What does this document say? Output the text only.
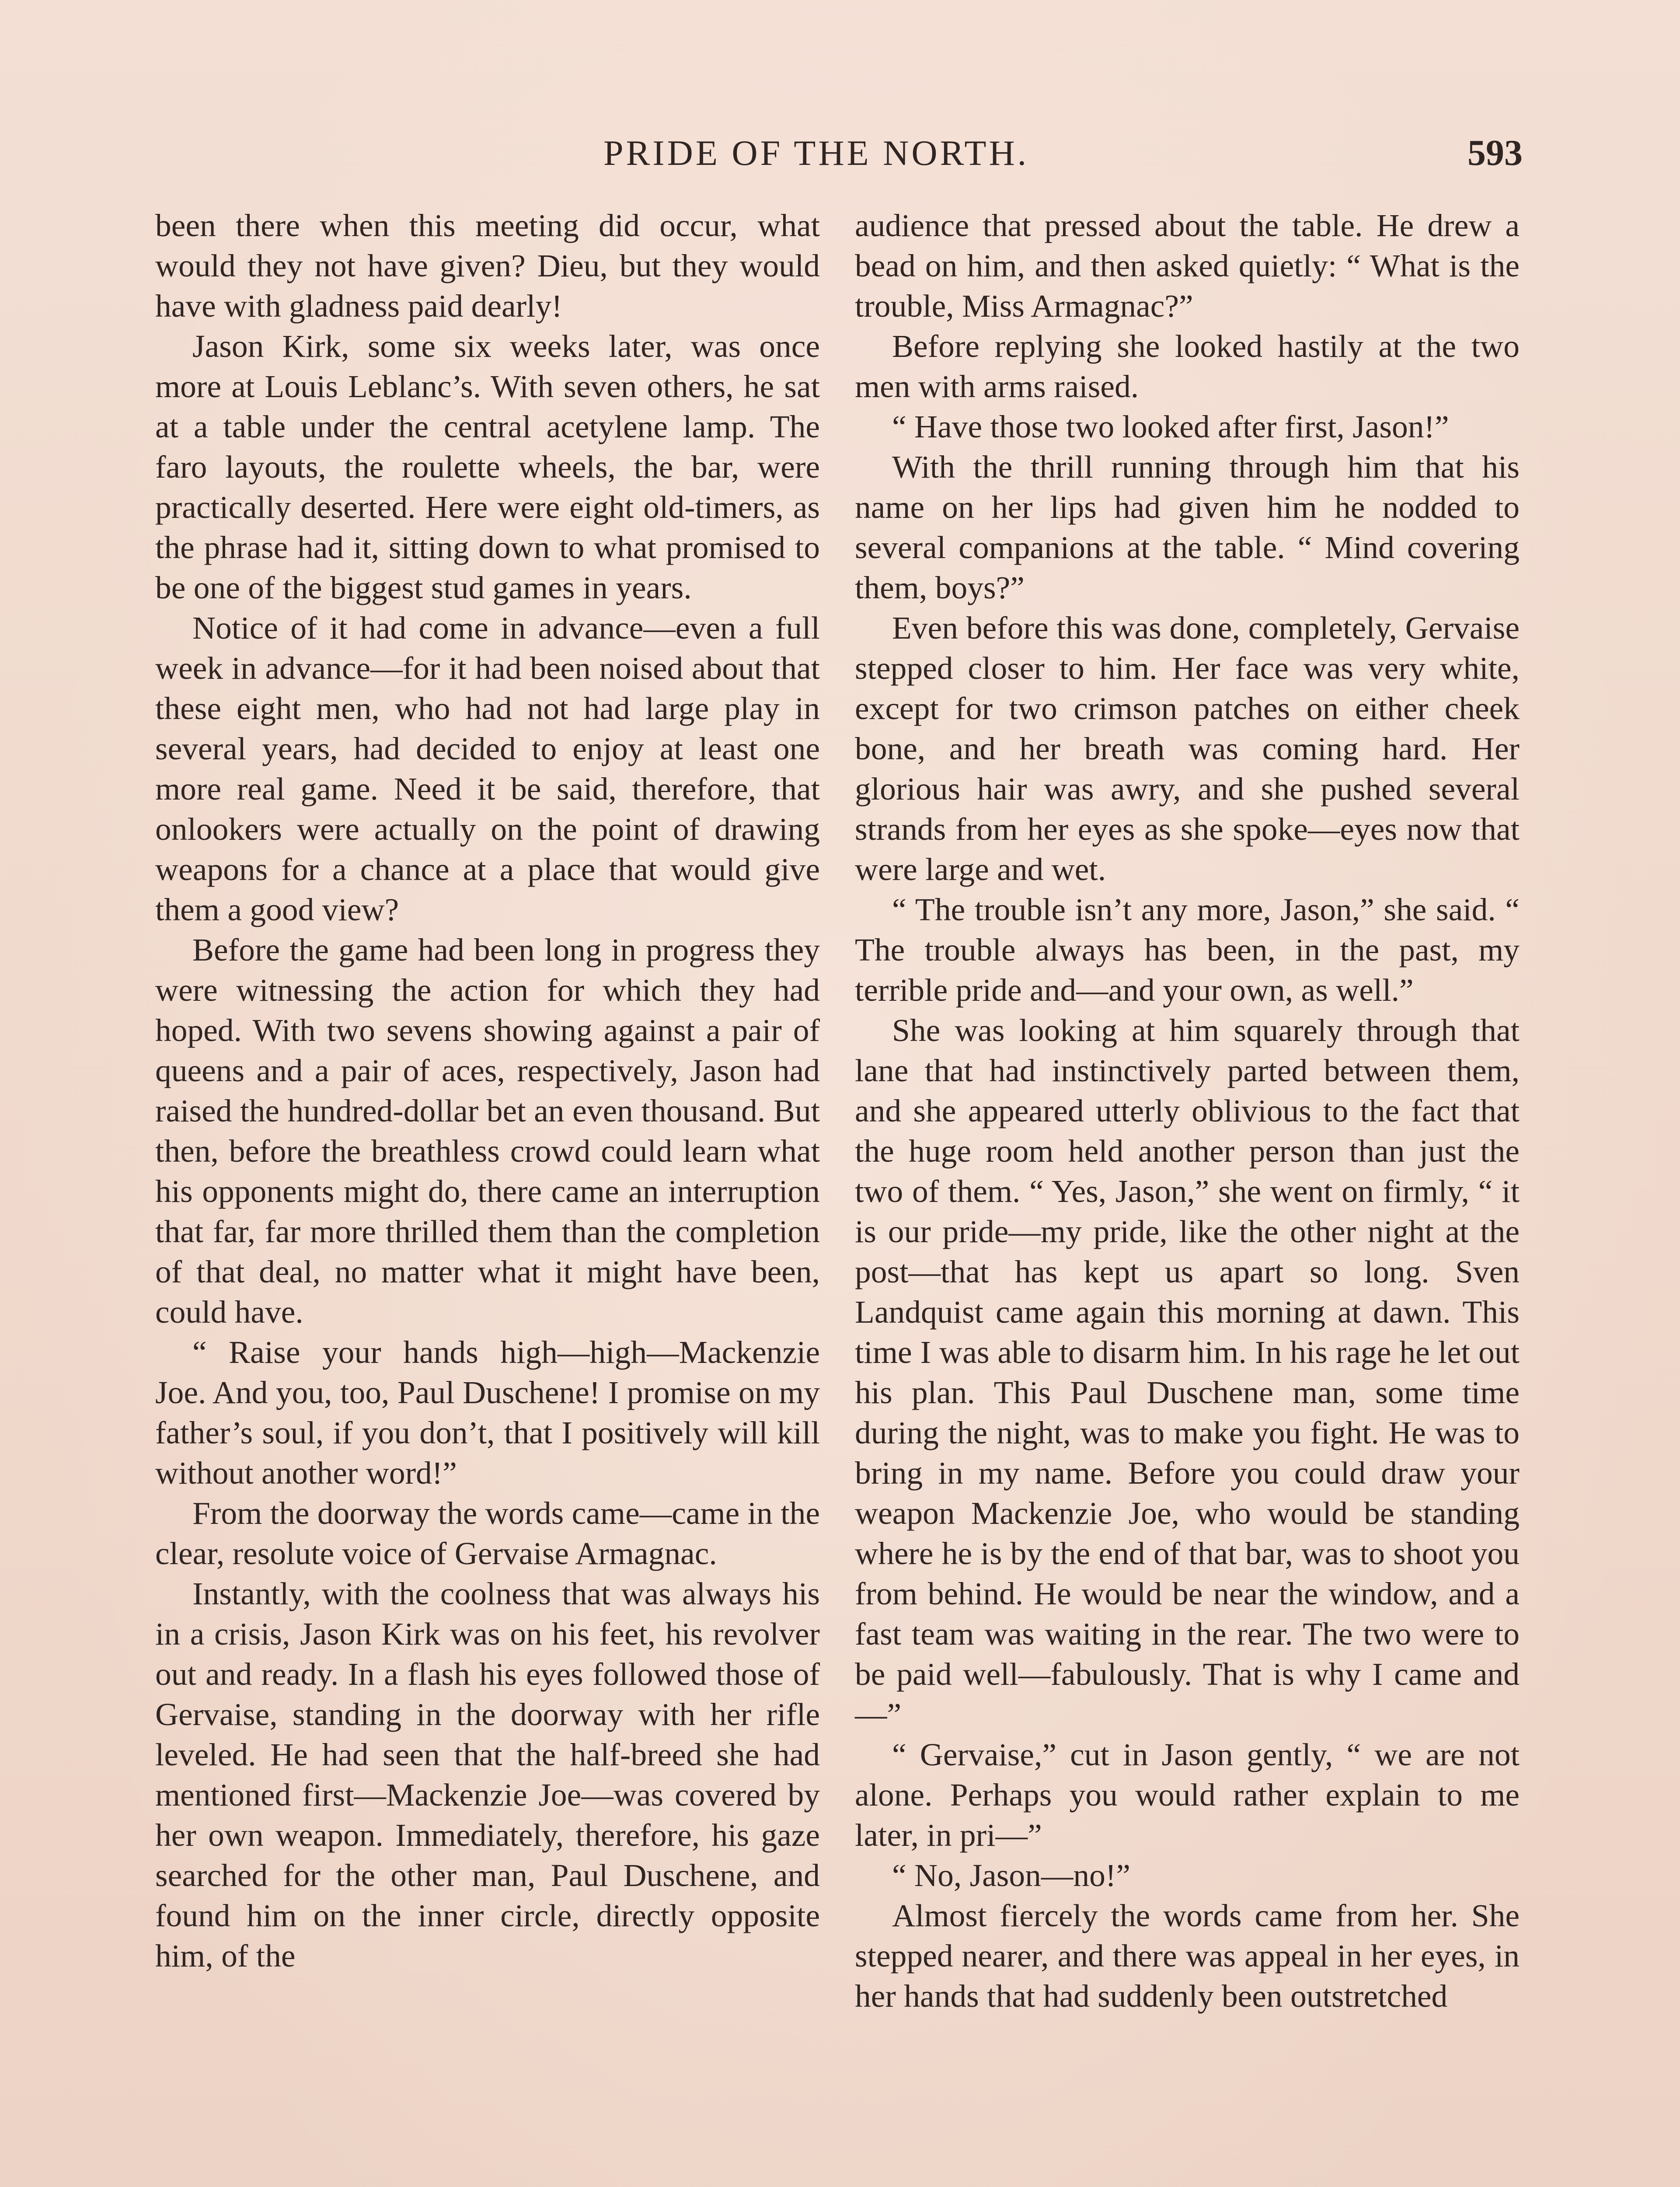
PRIDE OF THE NORTH.	593

been there when this meeting did occur, what would they not have given? Dieu, but they would have with gladness paid dearly!

Jason Kirk, some six weeks later, was once more at Louis Leblanc’s. With seven others, he sat at a table under the central acetylene lamp. The faro layouts, the roulette wheels, the bar, were practically deserted. Here were eight old-timers, as the phrase had it, sitting down to what promised to be one of the biggest stud games in years.

Notice of it had come in advance—even a full week in advance—for it had been noised about that these eight men, who had not had large play in several years, had decided to enjoy at least one more real game. Need it be said, therefore, that onlookers were actually on the point of drawing weapons for a chance at a place that would give them a good view?

Before the game had been long in progress they were witnessing the action for which they had hoped. With two sevens showing against a pair of queens and a pair of aces, respectively, Jason had raised the hundred-dollar bet an even thousand. But then, before the breathless crowd could learn what his opponents might do, there came an interruption that far, far more thrilled them than the completion of that deal, no matter what it might have been, could have.

“ Raise your hands high—high—Mackenzie Joe. And you, too, Paul Duschene! I promise on my father’s soul, if you don’t, that I positively will kill without another word!”

From the doorway the words came—came in the clear, resolute voice of Gervaise Armagnac.

Instantly, with the coolness that was always his in a crisis, Jason Kirk was on his feet, his revolver out and ready. In a flash his eyes followed those of Gervaise, standing in the doorway with her rifle leveled. He had seen that the half-breed she had mentioned first—Mackenzie Joe—was covered by her own weapon. Immediately, therefore, his gaze searched for the other man, Paul Duschene, and found him on the inner circle, directly opposite him, of the

audience that pressed about the table. He drew a bead on him, and then asked quietly: “ What is the trouble, Miss Armagnac?”

Before replying she looked hastily at the two men with arms raised.

“ Have those two looked after first, Jason!”

With the thrill running through him that his name on her lips had given him he nodded to several companions at the table. “ Mind covering them, boys?”

Even before this was done, completely, Gervaise stepped closer to him. Her face was very white, except for two crimson patches on either cheek bone, and her breath was coming hard. Her glorious hair was awry, and she pushed several strands from her eyes as she spoke—eyes now that were large and wet.

“ The trouble isn’t any more, Jason,” she said. “ The trouble always has been, in the past, my terrible pride and—and your own, as well.”

She was looking at him squarely through that lane that had instinctively parted between them, and she appeared utterly oblivious to the fact that the huge room held another person than just the two of them. “ Yes, Jason,” she went on firmly, “ it is our pride—my pride, like the other night at the post—that has kept us apart so long. Sven Landquist came again this morning at dawn. This time I was able to disarm him. In his rage he let out his plan. This Paul Duschene man, some time during the night, was to make you fight. He was to bring in my name. Before you could draw your weapon Mackenzie Joe, who would be standing where he is by the end of that bar, was to shoot you from behind. He would be near the window, and a fast team was waiting in the rear. The two were to be paid well—fabulously. That is why I came and—”

“ Gervaise,” cut in Jason gently, “ we are not alone. Perhaps you would rather explain to me later, in pri—”

“ No, Jason—no!”

Almost fiercely the words came from her. She stepped nearer, and there was appeal in her eyes, in her hands that had suddenly been outstretched
